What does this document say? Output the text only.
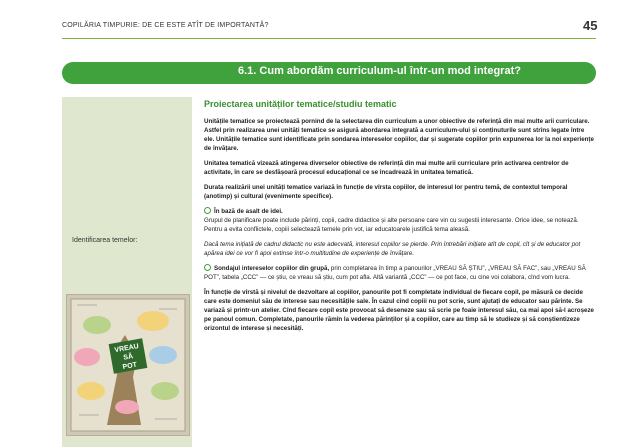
COPILĂRIA TIMPURIE: DE CE ESTE ATÎT DE IMPORTANTĂ?	45
6.1. Cum abordăm curriculum-ul într-un mod integrat?
Identificarea temelor:
VREAU
SĂ
POT
Proiectarea unităților tematice/studiu tematic

Unitățile tematice se proiectează pornind de la selectarea din curriculum a unor obiective de referință din mai multe arii curriculare. Astfel prin realizarea unei unități tematice se asigură abordarea integrată a curriculum-ului și conținuturile sunt strîns legate între ele. Unitățile tematice sunt identificate prin sondarea intereselor copiilor, dar și sugerate copiilor prin expunerea lor la noi experiențe de învățare.

Unitatea tematică vizează atingerea diverselor obiective de referință din mai multe arii curriculare prin activarea centrelor de activitate, în care se desfășoară procesul educațional ce se încadrează în unitatea tematică.

Durata realizării unei unități tematice variază în funcție de vîrsta copiilor, de interesul lor pentru temă, de contextul temporal (anotimp) și cultural (evenimente specifice).

În bază de asalt de idei.
Grupul de planificare poate include părinți, copii, cadre didactice și alte persoane care vin cu sugestii interesante. Orice idee, se notează. Pentru a evita conflictele, copiii selectează temele prin vot, iar educatoarele justifică tema aleasă.

Dacă tema inițiată de cadrul didactic nu este adecvată, interesul copiilor se pierde. Prin întrebări inițiate atît de copil, cît și de educator pot apărea idei ce vor fi apoi extinse într-o multitudine de experiențe de învățare.

Sondajul intereselor copiilor din grupă, prin completarea în timp a panourilor „VREAU SĂ ȘTIU”, „VREAU SĂ FAC”, sau „VREAU SĂ POT”, tabela „CCC” — ce știu, ce vreau să știu, cum pot afla. Altă variantă „CCC” — ce pot face, cu cine voi colabora, cînd vom lucra.

În funcție de vîrstă și nivelul de dezvoltare al copiilor, panourile pot fi completate individual de fiecare copil, pe măsură ce decide care este domeniul său de interese sau necesitățile sale. În cazul cînd copiii nu pot scrie, sunt ajutați de educator sau părinte. Se variază și printr-un atelier. Cînd fiecare copil este provocat să deseneze sau să scrie pe foaie interesul său, ca mai apoi să-l acroșeze pe panoul comun. Completate, panourile rămîn la vederea părinților și a copiilor, care au timp să le studieze și să conștientizeze orizontul de interese și necesități.
